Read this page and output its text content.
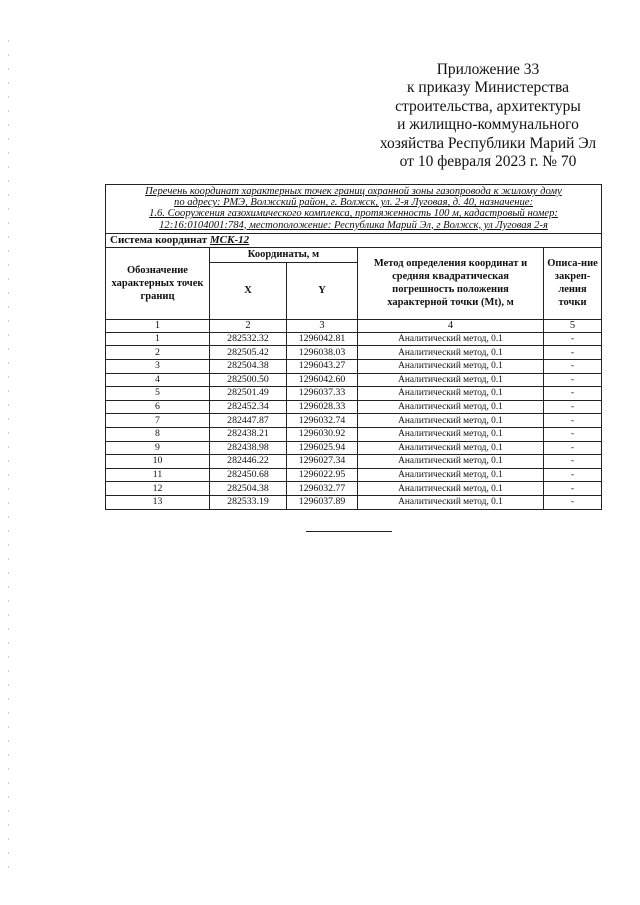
Приложение 33
к приказу Министерства
строительства, архитектуры
и жилищно-коммунального
хозяйства Республики Марий Эл
от 10 февраля 2023 г. № 70
Перечень координат характерных точек границ охранной зоны газопровода к жилому дому
по адресу: РМЭ, Волжский район, г. Волжск, ул. 2-я Луговая, д. 40, назначение:
1.6. Сооружения газохимического комплекса, протяженность 100 м, кадастровый номер:
12:16:0104001:784, местоположение: Республика Марий Эл, г Волжск, ул Луговая 2-я				

Система координат МСК-12				
Обозначение характерных точек границ	Координаты, м		Метод определения координат и средняя квадратическая погрешность положения характерной точки (Mt), м	Описа-ние закреп-ления точки
	X	Y		
1	2	3	4	5
1	282532.32	1296042.81	Аналитический метод, 0.1	-
2	282505.42	1296038.03	Аналитический метод, 0.1	-
3	282504.38	1296043.27	Аналитический метод, 0.1	-
4	282500.50	1296042.60	Аналитический метод, 0.1	-
5	282501.49	1296037.33	Аналитический метод, 0.1	-
6	282452.34	1296028.33	Аналитический метод, 0.1	-
7	282447.87	1296032.74	Аналитический метод, 0.1	-
8	282438.21	1296030.92	Аналитический метод, 0.1	-
9	282438.98	1296025.94	Аналитический метод, 0.1	-
10	282446.22	1296027.34	Аналитический метод, 0.1	-
11	282450.68	1296022.95	Аналитический метод, 0.1	-
12	282504.38	1296032.77	Аналитический метод, 0.1	-
13	282533.19	1296037.89	Аналитический метод, 0.1	-
